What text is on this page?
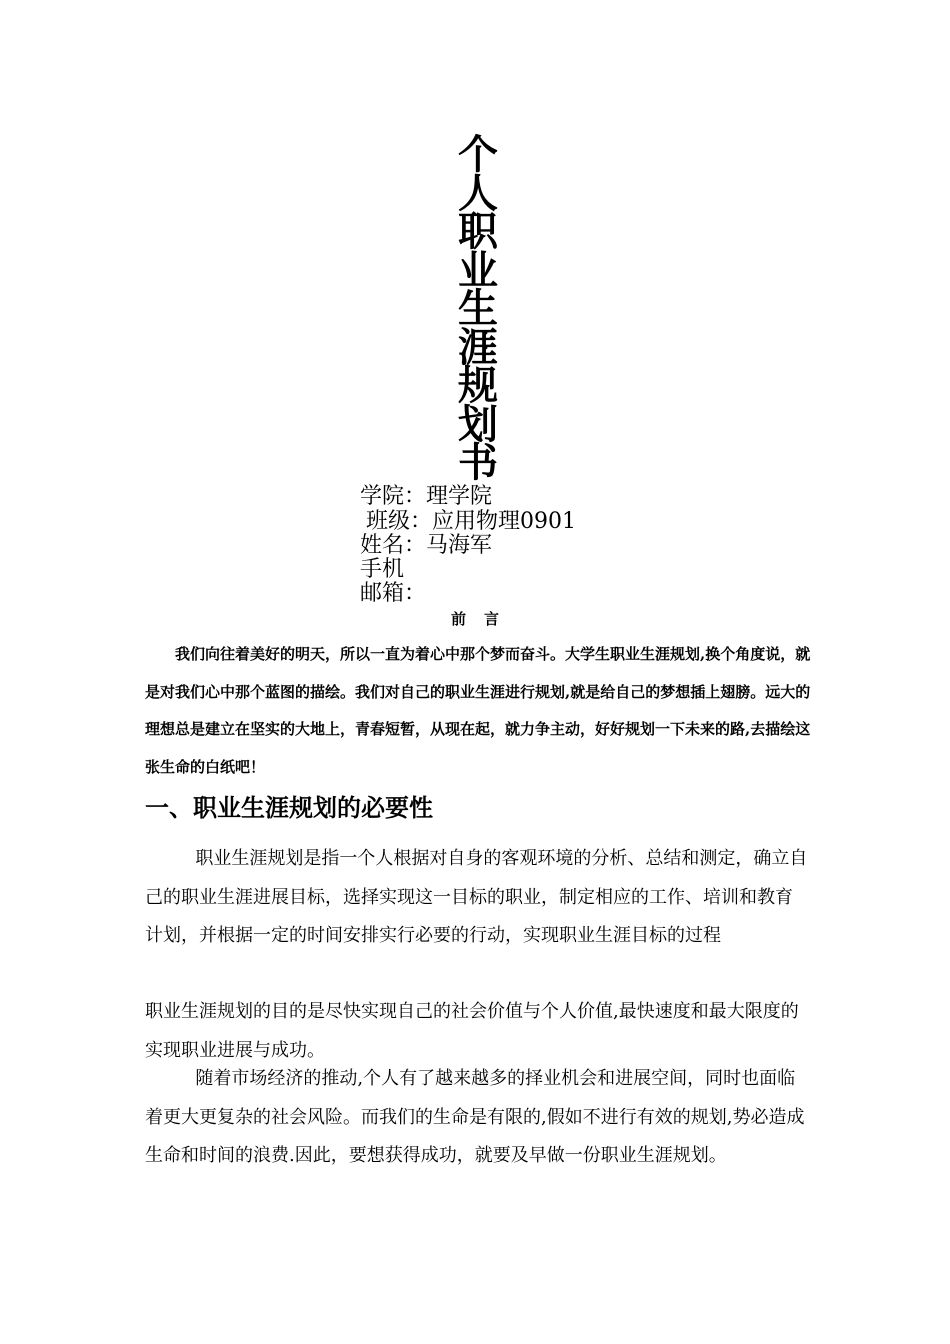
个人职业生涯规划书
学院：理学院
班级：应用物理0901
姓名：马海军
手机
邮箱：
前言
我们向往着美好的明天，所以一直为着心中那个梦而奋斗。大学生职业生涯规划,换个角度说，就是对我们心中那个蓝图的描绘。我们对自己的职业生涯进行规划,就是给自己的梦想插上翅膀。远大的理想总是建立在坚实的大地上，青春短暂，从现在起，就力争主动，好好规划一下未来的路,去描绘这张生命的白纸吧！
一、职业生涯规划的必要性
职业生涯规划是指一个人根据对自身的客观环境的分析、总结和测定，确立自己的职业生涯进展目标，选择实现这一目标的职业，制定相应的工作、培训和教育计划，并根据一定的时间安排实行必要的行动，实现职业生涯目标的过程
职业生涯规划的目的是尽快实现自己的社会价值与个人价值,最快速度和最大限度的实现职业进展与成功。
随着市场经济的推动,个人有了越来越多的择业机会和进展空间，同时也面临着更大更复杂的社会风险。而我们的生命是有限的,假如不进行有效的规划,势必造成生命和时间的浪费.因此，要想获得成功，就要及早做一份职业生涯规划。
